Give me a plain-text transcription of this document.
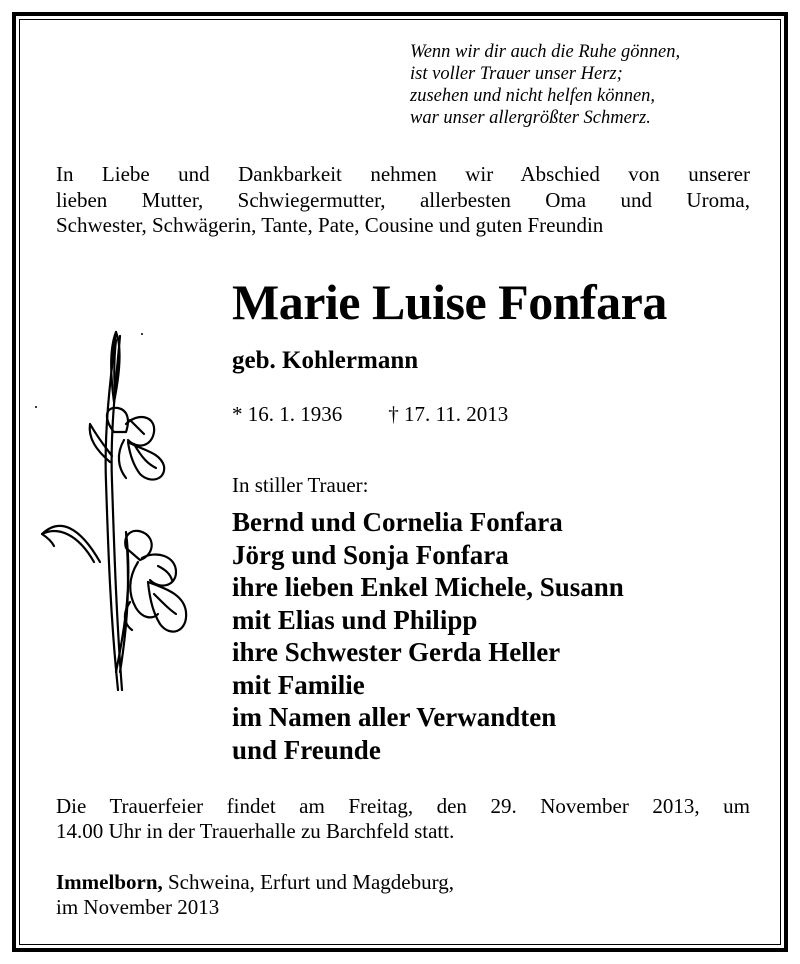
Wenn wir dir auch die Ruhe gönnen,
ist voller Trauer unser Herz;
zusehen und nicht helfen können,
war unser allergrößter Schmerz.
In Liebe und Dankbarkeit nehmen wir Abschied von unserer
lieben Mutter, Schwiegermutter, allerbesten Oma und Uroma,
Schwester, Schwägerin, Tante, Pate, Cousine und guten Freundin
Marie Luise Fonfara
geb. Kohlermann
* 16. 1. 1936 † 17. 11. 2013
In stiller Trauer:
Bernd und Cornelia Fonfara
Jörg und Sonja Fonfara
ihre lieben Enkel Michele, Susann
mit Elias und Philipp
ihre Schwester Gerda Heller
mit Familie
im Namen aller Verwandten
und Freunde
Die Trauerfeier findet am Freitag, den 29. November 2013, um
14.00 Uhr in der Trauerhalle zu Barchfeld statt.
Immelborn, Schweina, Erfurt und Magdeburg,
im November 2013
